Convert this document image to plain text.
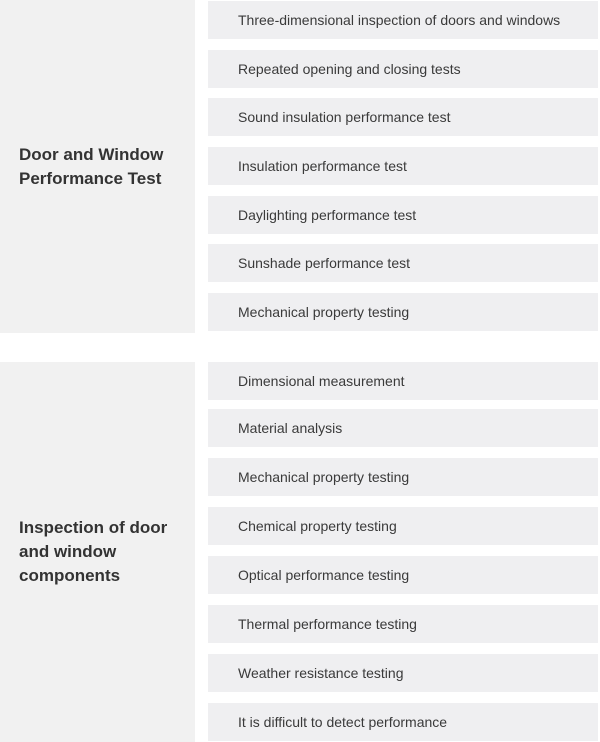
Door and Window Performance Test
Three-dimensional inspection of doors and windows
Repeated opening and closing tests
Sound insulation performance test
Insulation performance test
Daylighting performance test
Sunshade performance test
Mechanical property testing
Inspection of door and window components
Dimensional measurement
Material analysis
Mechanical property testing
Chemical property testing
Optical performance testing
Thermal performance testing
Weather resistance testing
It is difficult to detect performance
